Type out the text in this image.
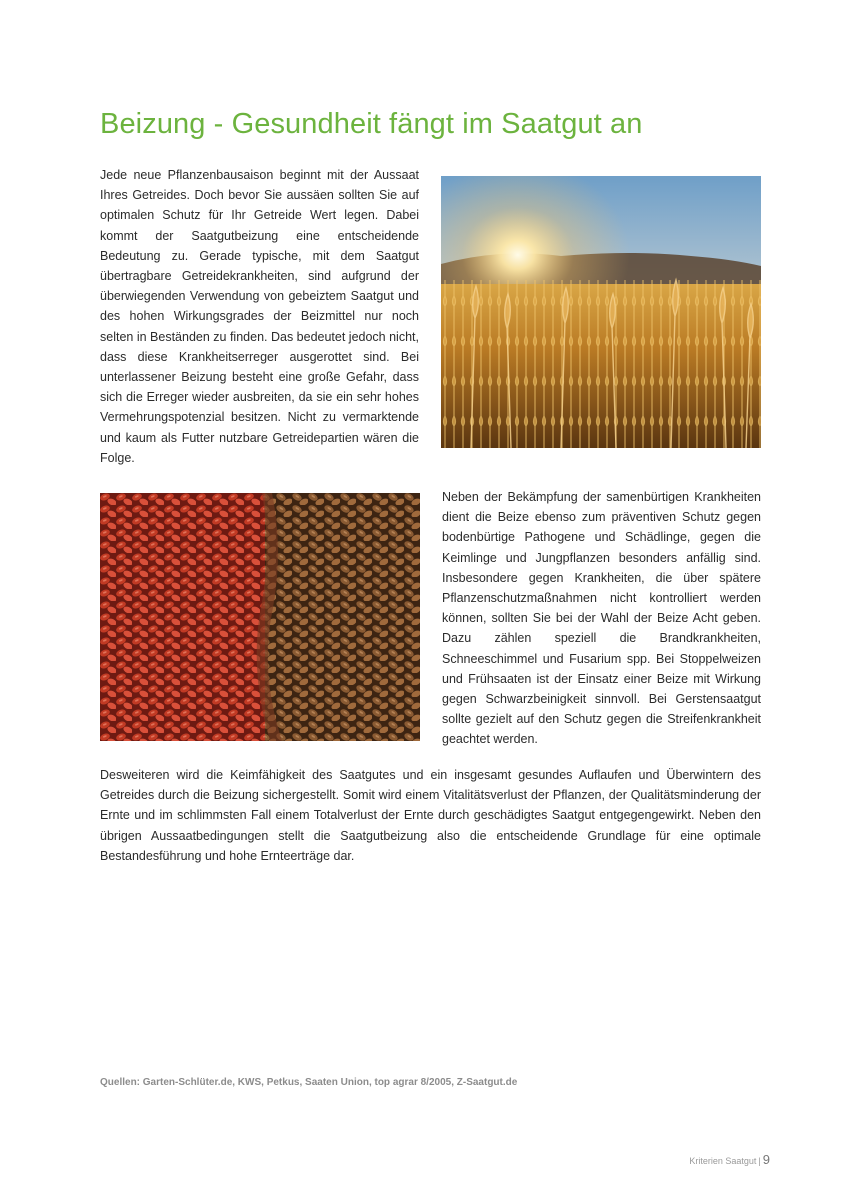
Beizung - Gesundheit fängt im Saatgut an

Jede neue Pflanzenbausaison beginnt mit der Aussaat Ihres Getreides. Doch bevor Sie aussäen sollten Sie auf optimalen Schutz für Ihr Getreide Wert legen. Dabei kommt der Saatgutbeizung eine entscheidende Bedeutung zu. Gerade typische, mit dem Saatgut übertragbare Getreidekrankheiten, sind aufgrund der überwiegenden Verwendung von gebeiztem Saatgut und des hohen Wirkungsgrades der Beizmittel nur noch selten in Beständen zu finden. Das bedeutet jedoch nicht, dass diese Krankheitserreger ausgerottet sind. Bei unterlassener Beizung besteht eine große Gefahr, dass sich die Erreger wieder ausbreiten, da sie ein sehr hohes Vermehrungspotenzial besitzen. Nicht zu vermarktende und kaum als Futter nutzbare Getreidepartien wären die Folge.

Neben der Bekämpfung der samenbürtigen Krankheiten dient die Beize ebenso zum präventiven Schutz gegen bodenbürtige Pathogene und Schädlinge, gegen die Keimlinge und Jungpflanzen besonders anfällig sind. Insbesondere gegen Krankheiten, die über spätere Pflanzenschutzmaßnahmen nicht kontrolliert werden können, sollten Sie bei der Wahl der Beize Acht geben. Dazu zählen speziell die Brandkrankheiten, Schneeschimmel und Fusarium spp. Bei Stoppelweizen und Frühsaaten ist der Einsatz einer Beize mit Wirkung gegen Schwarzbeinigkeit sinnvoll. Bei Gerstensaatgut sollte gezielt auf den Schutz gegen die Streifenkrankheit geachtet werden.

Desweiteren wird die Keimfähigkeit des Saatgutes und ein insgesamt gesundes Auflaufen und Überwintern des Getreides durch die Beizung sichergestellt. Somit wird einem Vitalitätsverlust der Pflanzen, der Qualitätsminderung der Ernte und im schlimmsten Fall einem Totalverlust der Ernte durch geschädigtes Saatgut entgegengewirkt. Neben den übrigen Aussaatbedingungen stellt die Saatgutbeizung also die entscheidende Grundlage für eine optimale Bestandesführung und hohe Ernteerträge dar.

Quellen: Garten-Schlüter.de, KWS, Petkus, Saaten Union, top agrar 8/2005, Z-Saatgut.de

Kriterien Saatgut | 9
